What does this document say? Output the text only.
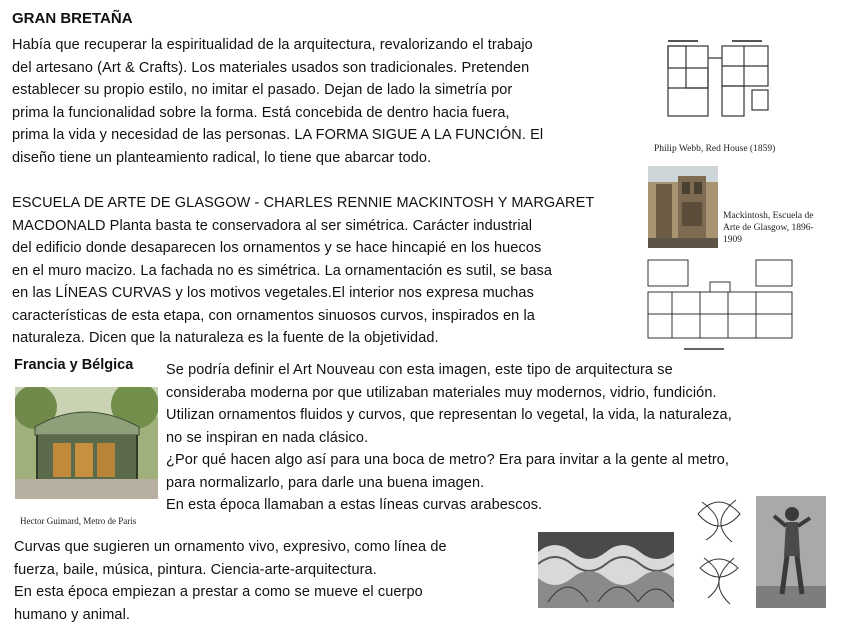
GRAN BRETAÑA
Había que recuperar la espiritualidad de la arquitectura, revalorizando el trabajo
del artesano (Art & Crafts). Los materiales usados son tradicionales. Pretenden
establecer su propio estilo, no imitar el pasado. Dejan de lado la simetría por
prima la funcionalidad sobre la forma. Está concebida de dentro hacia fuera,
prima la vida y necesidad de las personas. LA FORMA SIGUE A LA FUNCIÓN. El
diseño tiene un planteamiento radical, lo tiene que abarcar todo.
Philip Webb, Red House (1859)
Mackintosh, Escuela de
Arte de Glasgow, 1896-
1909
ESCUELA DE ARTE DE GLASGOW - CHARLES RENNIE MACKINTOSH Y MARGARET
MACDONALD Planta basta te conservadora al ser simétrica. Carácter industrial
del edificio donde desaparecen los ornamentos y se hace hincapié en los huecos
en el muro macizo. La fachada no es simétrica. La ornamentación es sutil, se basa
en las LÍNEAS CURVAS y los motivos vegetales.El interior nos expresa muchas
características de esta etapa, con ornamentos sinuosos curvos, inspirados en la
naturaleza. Dicen que la naturaleza es la fuente de la objetividad.
Francia y Bélgica
Hector Guimard, Metro de Paris
Se podría definir el Art Nouveau con esta imagen, este tipo de arquitectura se
consideraba moderna por que utilizaban materiales muy modernos, vidrio, fundición.
Utilizan ornamentos fluidos y curvos, que representan lo vegetal, la vida, la naturaleza,
no se inspiran en nada clásico.
¿Por qué hacen algo así para una boca de metro? Era para invitar a la gente al metro,
para normalizarlo, para darle una buena imagen.
En esta época llamaban a estas líneas curvas arabescos.
Curvas que sugieren un ornamento vivo, expresivo, como línea de
fuerza, baile, música, pintura. Ciencia-arte-arquitectura.
En esta época empiezan a prestar a como se mueve el cuerpo
humano y animal.
